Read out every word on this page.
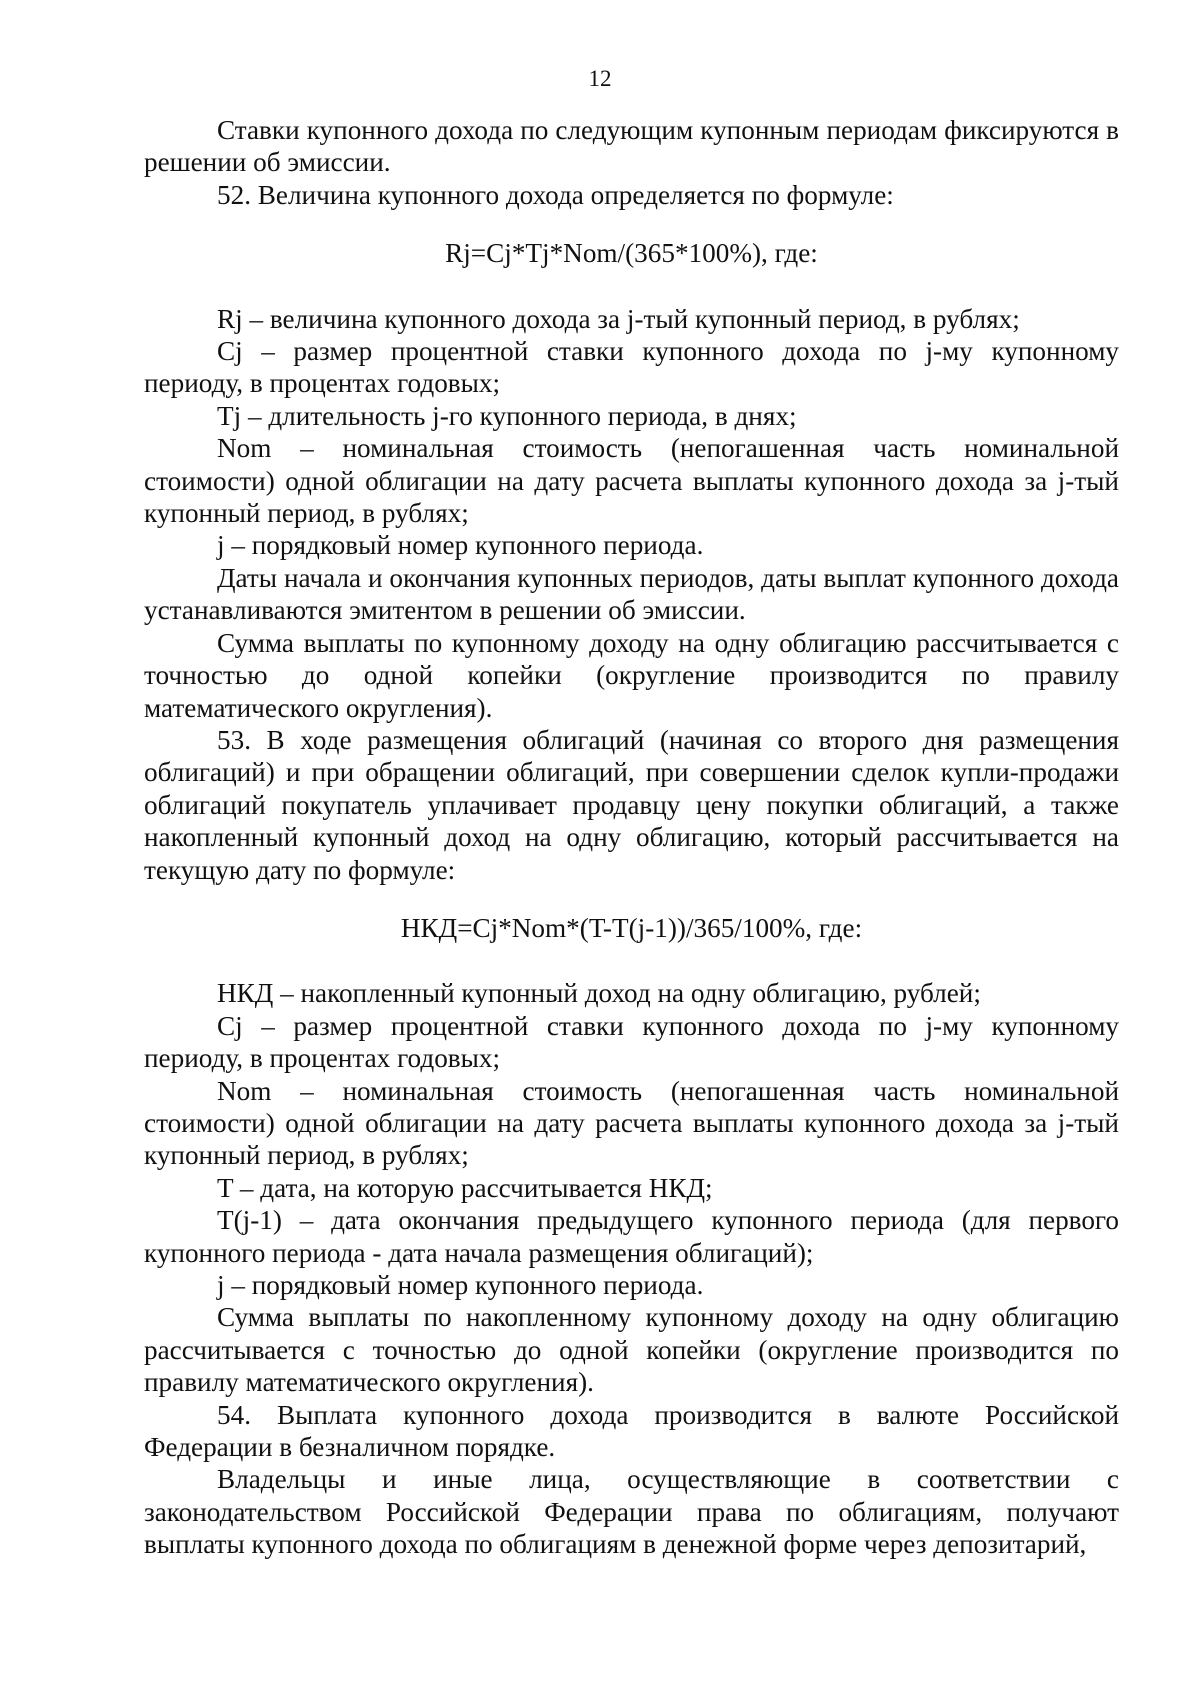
12

Ставки купонного дохода по следующим купонным периодам фиксируются в решении об эмиссии.

52. Величина купонного дохода определяется по формуле:

Rj=Cj*Tj*Nom/(365*100%), где:

Rj – величина купонного дохода за j-тый купонный период, в рублях;

Cj – размер процентной ставки купонного дохода по j-му купонному периоду, в процентах годовых;

Tj – длительность j-го купонного периода, в днях;

Nom – номинальная стоимость (непогашенная часть номинальной стоимости) одной облигации на дату расчета выплаты купонного дохода за j-тый купонный период, в рублях;

j – порядковый номер купонного периода.

Даты начала и окончания купонных периодов, даты выплат купонного дохода устанавливаются эмитентом в решении об эмиссии.

Сумма выплаты по купонному доходу на одну облигацию рассчитывается с точностью до одной копейки (округление производится по правилу математического округления).

53. В ходе размещения облигаций (начиная со второго дня размещения облигаций) и при обращении облигаций, при совершении сделок купли-продажи облигаций покупатель уплачивает продавцу цену покупки облигаций, а также накопленный купонный доход на одну облигацию, который рассчитывается на текущую дату по формуле:

НКД=Cj*Nom*(T-T(j-1))/365/100%, где:

НКД – накопленный купонный доход на одну облигацию, рублей;

Cj – размер процентной ставки купонного дохода по j-му купонному периоду, в процентах годовых;

Nom – номинальная стоимость (непогашенная часть номинальной стоимости) одной облигации на дату расчета выплаты купонного дохода за j-тый купонный период, в рублях;

T – дата, на которую рассчитывается НКД;

T(j-1) – дата окончания предыдущего купонного периода (для первого купонного периода - дата начала размещения облигаций);

j – порядковый номер купонного периода.

Сумма выплаты по накопленному купонному доходу на одну облигацию рассчитывается с точностью до одной копейки (округление производится по правилу математического округления).

54. Выплата купонного дохода производится в валюте Российской Федерации в безналичном порядке.

Владельцы и иные лица, осуществляющие в соответствии с законодательством Российской Федерации права по облигациям, получают выплаты купонного дохода по облигациям в денежной форме через депозитарий,
